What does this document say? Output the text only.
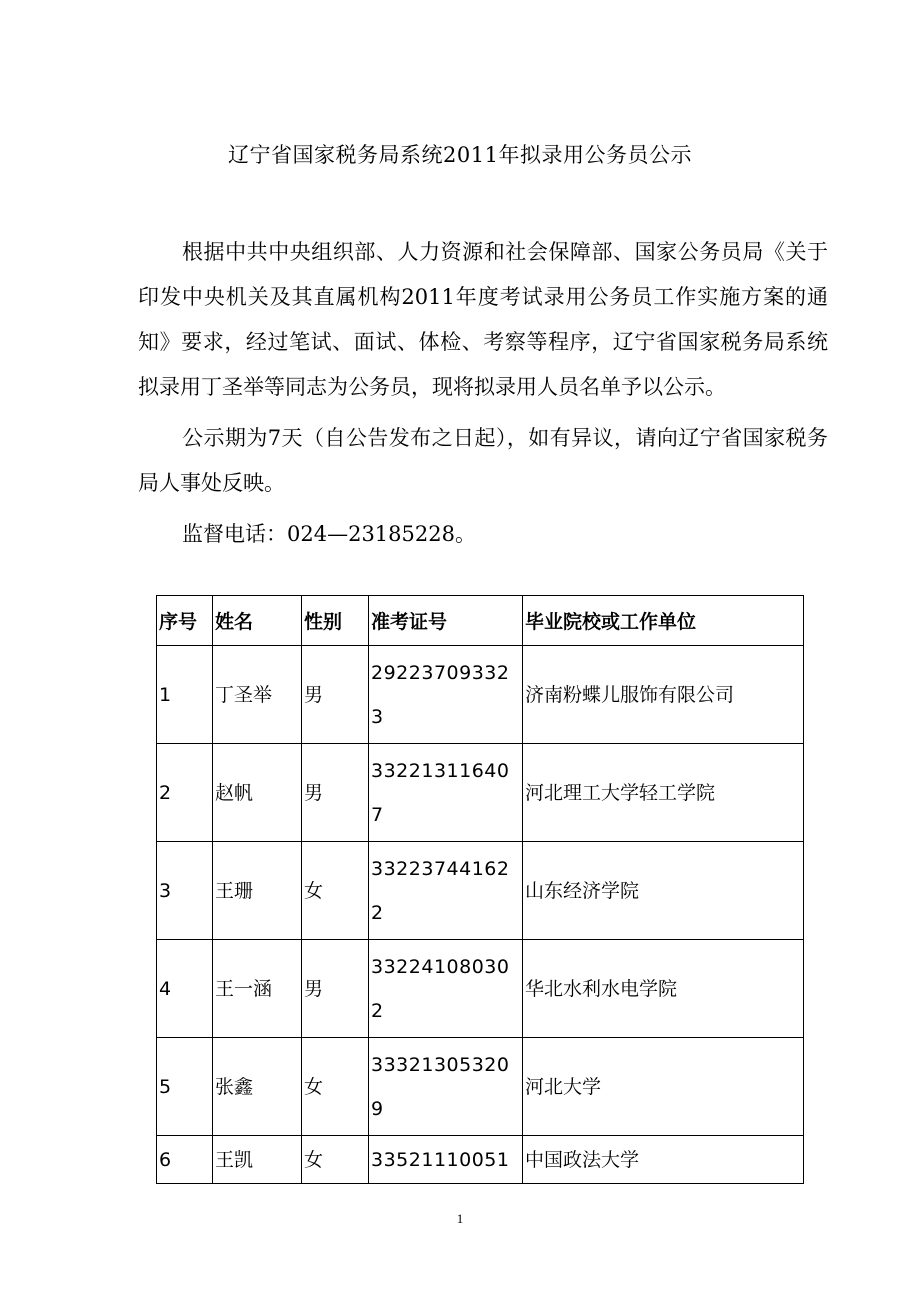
辽宁省国家税务局系统2011年拟录用公务员公示

根据中共中央组织部、人力资源和社会保障部、国家公务员局《关于印发中央机关及其直属机构2011年度考试录用公务员工作实施方案的通知》要求，经过笔试、面试、体检、考察等程序，辽宁省国家税务局系统拟录用丁圣举等同志为公务员，现将拟录用人员名单予以公示。

公示期为7天（自公告发布之日起），如有异议，请向辽宁省国家税务局人事处反映。

监督电话：024—23185228。

序号	姓名	性别	准考证号	毕业院校或工作单位
1	丁圣举	男	292237093323	济南粉蝶儿服饰有限公司
2	赵帆	男	332213116407	河北理工大学轻工学院
3	王珊	女	332237441622	山东经济学院
4	王一涵	男	332241080302	华北水利水电学院
5	张鑫	女	333213053209	河北大学
6	王凯	女	33521110051	中国政法大学
1
